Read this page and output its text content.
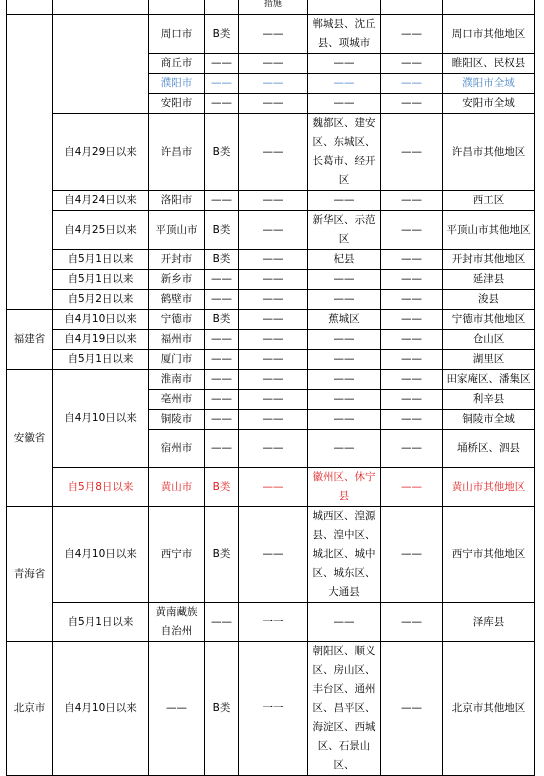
				措施			
		周口市	B类	——	郸城县、沈丘县、项城市	——	周口市其他地区
		商丘市	——	——	——	——	睢阳区、民权县
		濮阳市	——	——	——	——	濮阳市全域
		安阳市	——	——	——	——	安阳市全域
	自4月29日以来	许昌市	B类	——	魏都区、建安区、东城区、长葛市、经开区	——	许昌市其他地区
	自4月24日以来	洛阳市	——	——	——	——	西工区
	自4月25日以来	平顶山市	B类	——	新华区、示范区	——	平顶山市其他地区
	自5月1日以来	开封市	B类	——	杞县	——	开封市其他地区
	自5月1日以来	新乡市	——	——	——	——	延津县
	自5月2日以来	鹤壁市	——	——	——	——	浚县
福建省	自4月10日以来	宁德市	B类	——	蕉城区	——	宁德市其他地区
	自4月19日以来	福州市	——	——	——	——	仓山区
	自5月1日以来	厦门市	——	——	——	——	湖里区
安徽省	自4月10日以来	淮南市	——	——	——	——	田家庵区、潘集区
		亳州市	——	——	——	——	利辛县
		铜陵市	——	——	——	——	铜陵市全域
		宿州市	——	——	——	——	埇桥区、泗县
	自5月8日以来	黄山市	B类	——	徽州区、休宁县	——	黄山市其他地区
青海省	自4月10日以来	西宁市	B类	——	城西区、湟源县、湟中区、城北区、城中区、城东区、大通县	——	西宁市其他地区
	自5月1日以来	黄南藏族自治州	——	一一	——	——	泽库县
北京市	自4月10日以来	——	B类	一一	朝阳区、顺义区、房山区、丰台区、通州区、昌平区、海淀区、西城区、石景山区、	——	北京市其他地区
